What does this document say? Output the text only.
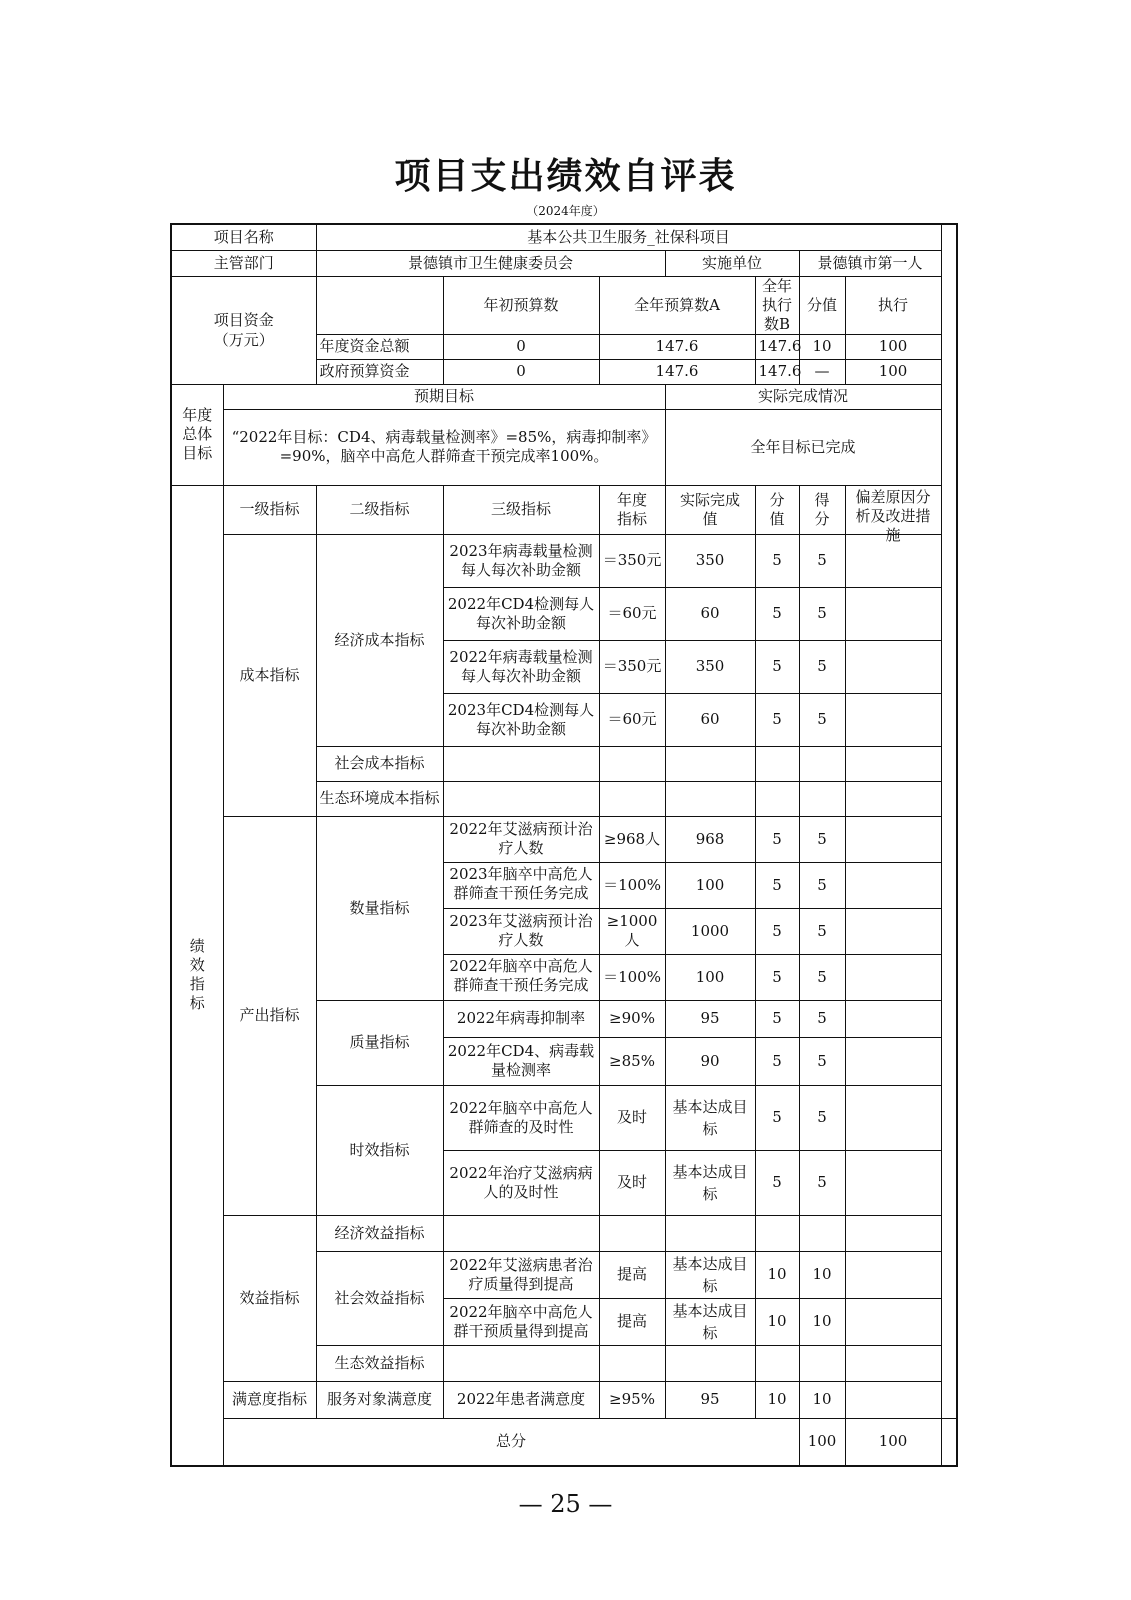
项目支出绩效自评表
（2024年度）
项目名称		基本公共卫生服务_社保科项目							
主管部门		景德镇市卫生健康委员会			实施单位		景德镇市第一人		

项目资金（万元）			年初预算数	全年预算数A		全年执行数B	分值	执行	
		年度资金总额	0	147.6		147.6	10	100	
		政府预算资金	0	147.6		147.6	—	100	

年度总体目标	预期目标				实际完成情况				
	“2022年目标：CD4、病毒载量检测率》=85%，病毒抑制率》=90%，脑卒中高危人群筛查干预完成率100%。				全年目标已完成				

绩效指标	一级指标	二级指标	三级指标	年度指标	实际完成值	分值	得分	偏差原因分析及改进措施	

	成本指标	经济成本指标	2023年病毒载量检测每人每次补助金额	＝350元	350	5	5		
			2022年CD4检测每人每次补助金额	＝60元	60	5	5		
			2022年病毒载量检测每人每次补助金额	＝350元	350	5	5		
			2023年CD4检测每人每次补助金额	＝60元	60	5	5		
		社会成本指标							
		生态环境成本指标							
	产出指标	数量指标	2022年艾滋病预计治疗人数	≥968人	968	5	5		

			2023年脑卒中高危人群筛查干预任务完成	＝100%	100	5	5		
			2023年艾滋病预计治疗人数	≥1000人	1000	5	5		

			2022年脑卒中高危人群筛查干预任务完成	＝100%	100	5	5		
		质量指标	2022年病毒抑制率	≥90%	95	5	5		
			2022年CD4、病毒载量检测率	≥85%	90	5	5		
		时效指标	2022年脑卒中高危人群筛查的及时性	及时	基本达成目标	5	5		
			2022年治疗艾滋病病人的及时性	及时	基本达成目标	5	5		
	效益指标	经济效益指标							
		社会效益指标	2022年艾滋病患者治疗质量得到提高	提高	基本达成目标	10	10		
			2022年脑卒中高危人群干预质量得到提高	提高	基本达成目标	10	10		
		生态效益指标							
	满意度指标	服务对象满意度	2022年患者满意度	≥95%	95	10	10		
	总分						100	100	
— 25 —
